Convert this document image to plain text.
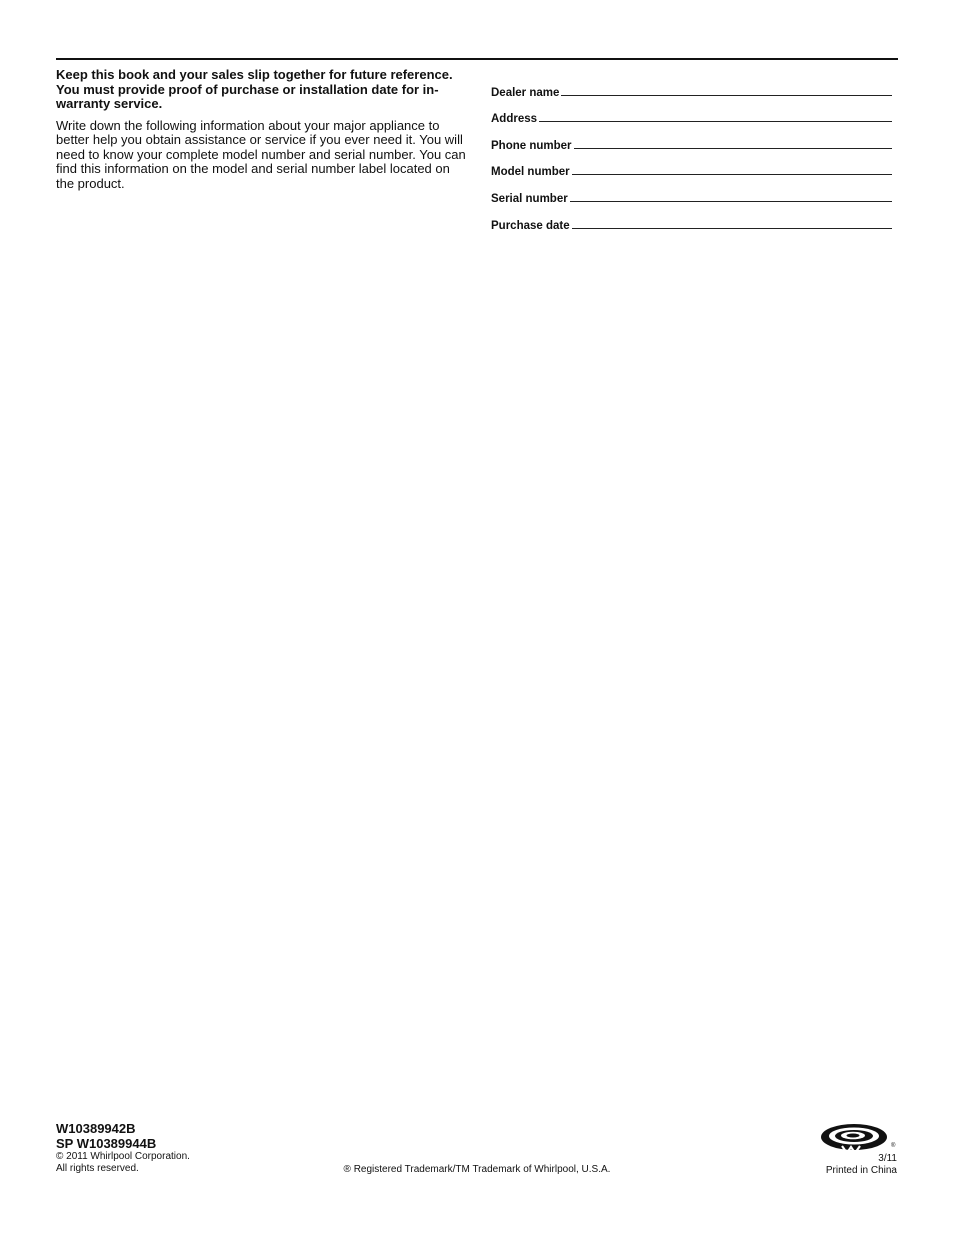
Keep this book and your sales slip together for future reference. You must provide proof of purchase or installation date for in-warranty service.

Write down the following information about your major appliance to better help you obtain assistance or service if you ever need it. You will need to know your complete model number and serial number. You can find this information on the model and serial number label located on the product.

Dealer name
Address
Phone number
Model number
Serial number
Purchase date
W10389942B
SP W10389944B
© 2011 Whirlpool Corporation.
All rights reserved.	® Registered Trademark/TM Trademark of Whirlpool, U.S.A.
®
3/11
Printed in China
